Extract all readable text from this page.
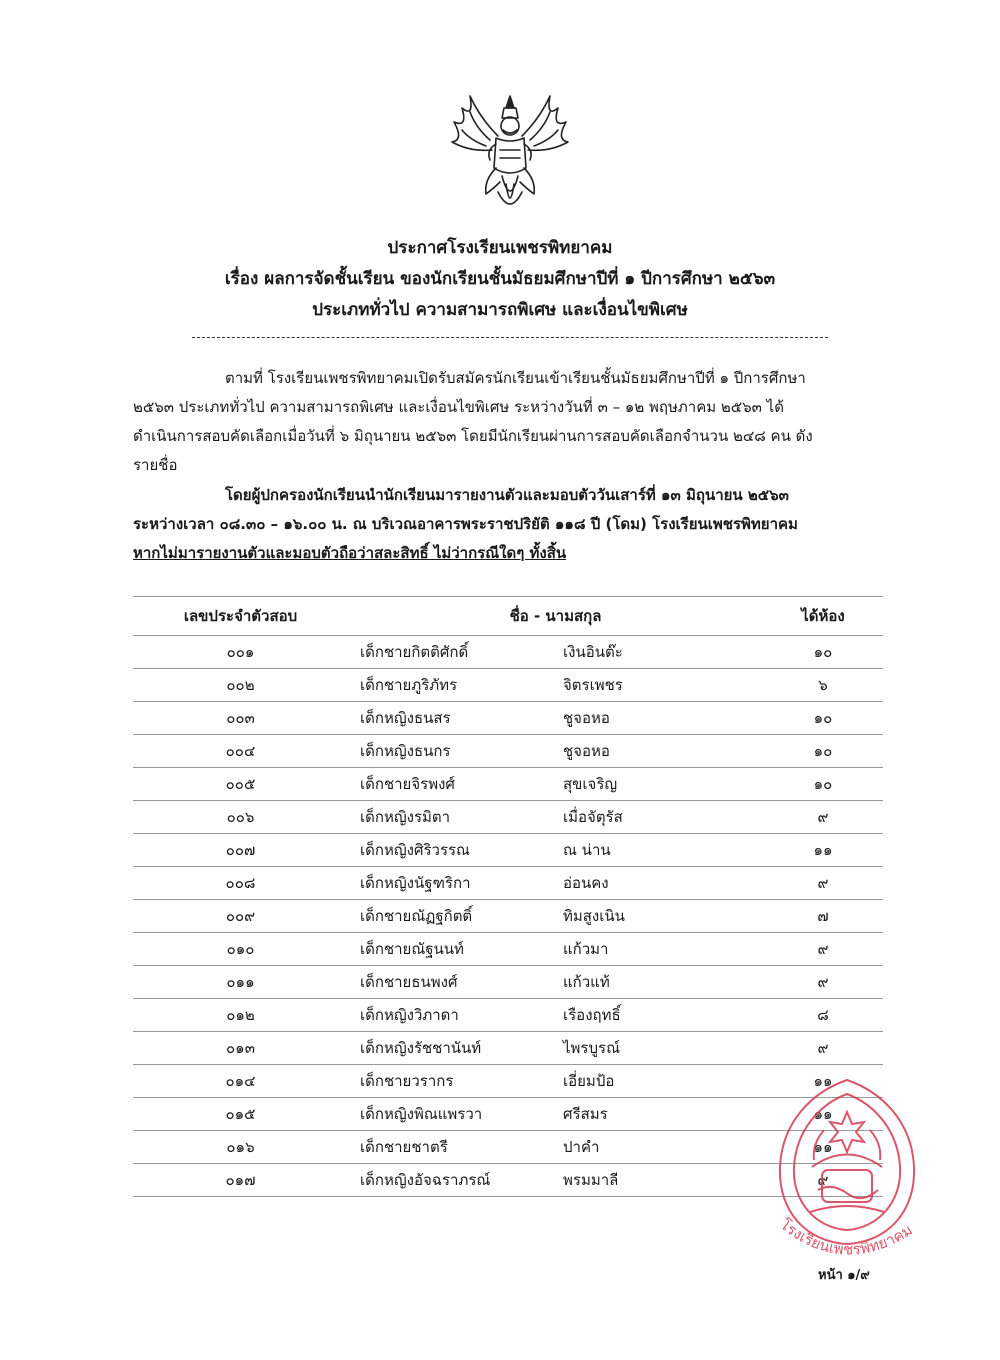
ประกาศโรงเรียนเพชรพิทยาคม
เรื่อง ผลการจัดชั้นเรียน ของนักเรียนชั้นมัธยมศึกษาปีที่ ๑ ปีการศึกษา ๒๕๖๓
ประเภททั่วไป ความสามารถพิเศษ และเงื่อนไขพิเศษ
ตามที่ โรงเรียนเพชรพิทยาคมเปิดรับสมัครนักเรียนเข้าเรียนชั้นมัธยมศึกษาปีที่ ๑ ปีการศึกษา
๒๕๖๓ ประเภททั่วไป ความสามารถพิเศษ และเงื่อนไขพิเศษ ระหว่างวันที่ ๓ – ๑๒ พฤษภาคม ๒๕๖๓ ได้
ดำเนินการสอบคัดเลือกเมื่อวันที่ ๖ มิถุนายน ๒๕๖๓ โดยมีนักเรียนผ่านการสอบคัดเลือกจำนวน ๒๔๘ คน ดัง
รายชื่อ
โดยผู้ปกครองนักเรียนนำนักเรียนมารายงานตัวและมอบตัววันเสาร์ที่ ๑๓ มิถุนายน ๒๕๖๓
ระหว่างเวลา ๐๘.๓๐ – ๑๖.๐๐ น. ณ บริเวณอาคารพระราชปริยัติ ๑๑๘ ปี (โดม) โรงเรียนเพชรพิทยาคม
หากไม่มารายงานตัวและมอบตัวถือว่าสละสิทธิ์ ไม่ว่ากรณีใดๆ ทั้งสิ้น
เลขประจำตัวสอบ	ชื่อ - นามสกุล	ได้ห้อง
๐๐๑	เด็กชายกิตติศักดิ์	เงินอินต๊ะ	๑๐
๐๐๒	เด็กชายภูริภัทร	จิตรเพชร	๖
๐๐๓	เด็กหญิงธนสร	ชูจอหอ	๑๐
๐๐๔	เด็กหญิงธนกร	ชูจอหอ	๑๐
๐๐๕	เด็กชายจิรพงศ์	สุขเจริญ	๑๐
๐๐๖	เด็กหญิงรมิตา	เมื่อจัตุรัส	๙
๐๐๗	เด็กหญิงศิริวรรณ	ณ น่าน	๑๑
๐๐๘	เด็กหญิงนัฐฑริกา	อ่อนคง	๙
๐๐๙	เด็กชายณัฏฐกิตติ์	ทิมสูงเนิน	๗
๐๑๐	เด็กชายณัฐนนท์	แก้วมา	๙
๐๑๑	เด็กชายธนพงศ์	แก้วแท้	๙
๐๑๒	เด็กหญิงวิภาดา	เรืองฤทธิ์	๘
๐๑๓	เด็กหญิงรัชชานันท์	ไพรบูรณ์	๙
๐๑๔	เด็กชายวรากร	เอี่ยมป้อ	๑๑
๐๑๕	เด็กหญิงพิณแพรวา	ศรีสมร	๑๑
๐๑๖	เด็กชายชาตรี	ปาคำ	๑๑
๐๑๗	เด็กหญิงอัจฉราภรณ์	พรมมาลี	๙
โรงเรียนเพชรพิทยาคม
หน้า ๑/๙
